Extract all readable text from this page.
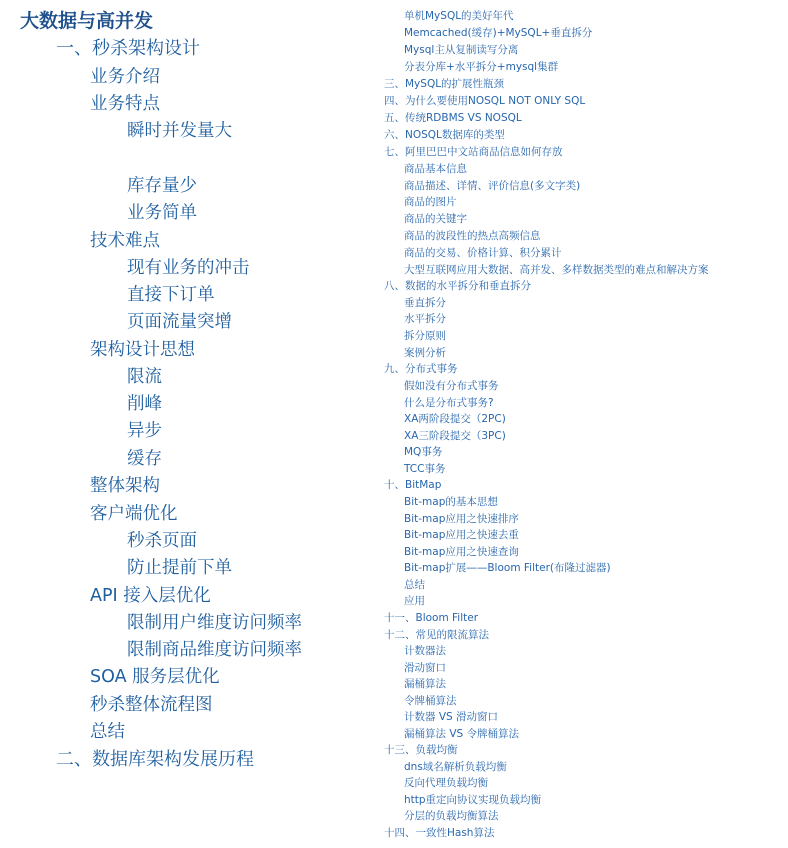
大数据与高并发
一、秒杀架构设计
业务介绍
业务特点
瞬时并发量大
库存量少
业务简单
技术难点
现有业务的冲击
直接下订单
页面流量突增
架构设计思想
限流
削峰
异步
缓存
整体架构
客户端优化
秒杀页面
防止提前下单
API 接入层优化
限制用户维度访问频率
限制商品维度访问频率
SOA 服务层优化
秒杀整体流程图
总结
二、数据库架构发展历程
单机MySQL的美好年代
Memcached(缓存)+MySQL+垂直拆分
Mysql主从复制读写分离
分表分库+水平拆分+mysql集群
三、MySQL的扩展性瓶颈
四、为什么要使用NOSQL NOT ONLY SQL
五、传统RDBMS VS NOSQL
六、NOSQL数据库的类型
七、阿里巴巴中文站商品信息如何存放
商品基本信息
商品描述、详情、评价信息(多文字类)
商品的图片
商品的关键字
商品的波段性的热点高频信息
商品的交易、价格计算、积分累计
大型互联网应用大数据、高并发、多样数据类型的难点和解决方案
八、数据的水平拆分和垂直拆分
垂直拆分
水平拆分
拆分原则
案例分析
九、分布式事务
假如没有分布式事务
什么是分布式事务?
XA两阶段提交（2PC)
XA三阶段提交（3PC)
MQ事务
TCC事务
十、BitMap
Bit-map的基本思想
Bit-map应用之快速排序
Bit-map应用之快速去重
Bit-map应用之快速查询
Bit-map扩展——Bloom Filter(布隆过滤器)
总结
应用
十一、Bloom Filter
十二、常见的限流算法
计数器法
滑动窗口
漏桶算法
令牌桶算法
计数器 VS 滑动窗口
漏桶算法 VS 令牌桶算法
十三、负载均衡
dns域名解析负载均衡
反向代理负载均衡
http重定向协议实现负载均衡
分层的负载均衡算法
十四、一致性Hash算法
